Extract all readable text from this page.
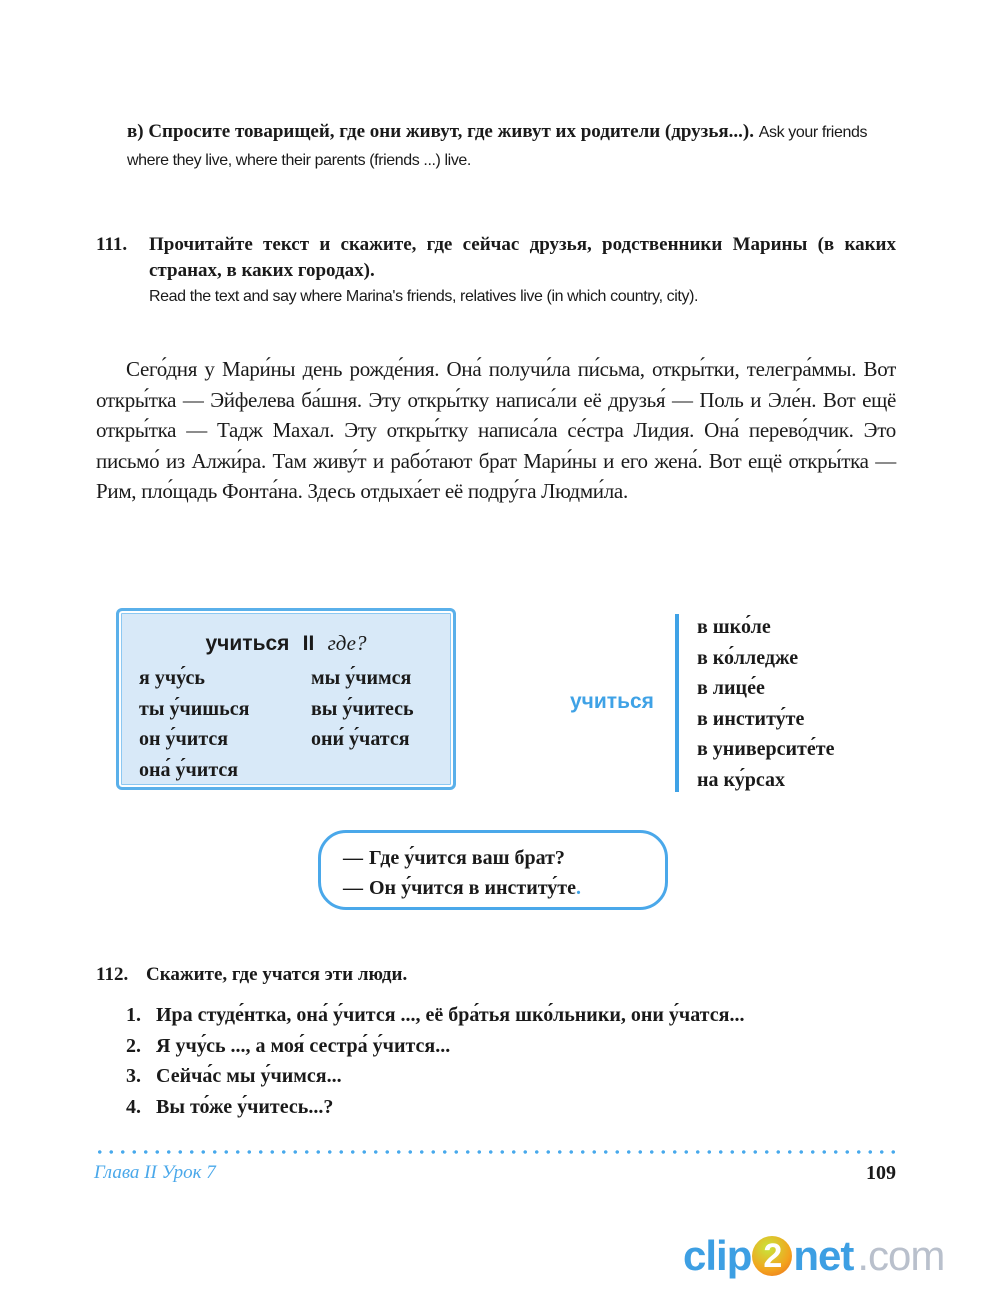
в) Спросите товарищей, где они живут, где живут их родители (друзья...). Ask your friends where they live, where their parents (friends ...) live.
111.	Прочитайте текст и скажите, где сейчас друзья, родственники Марины (в каких странах, в каких городах).
Read the text and say where Marina's friends, relatives live (in which country, city).

Сего́дня у Мари́ны день рожде́ния. Она́ получи́ла пи́сьма, откры́тки, телегра́ммы. Вот откры́тка — Эйфелева ба́шня. Эту откры́тку написа́ли её друзья́ — Поль и Эле́н. Вот ещё откры́тка — Тадж Махал. Эту откры́тку написа́ла се́стра Лидия. Она́ перево́дчик. Это письмо́ из Алжи́ра. Там живу́т и рабо́тают брат Мари́ны и его жена́. Вот ещё откры́тка — Рим, пло́щадь Фонта́на. Здесь отдыха́ет её подру́га Людми́ла.

учиться II где?
я учу́сь	мы у́чимся
ты у́чишься	вы у́читесь
он у́чится	они́ у́чатся
она́ у́чится
учиться
в шко́ле
в ко́лледже
в лице́е
в институ́те
в университе́те
на ку́рсах
— Где у́чится ваш брат?
— Он у́чится в институ́те.
112. Скажите, где учатся эти люди.
1. Ира студе́нтка, она́ у́чится ..., её бра́тья шко́льники, они у́чатся...
2. Я учу́сь ..., а моя́ сестра́ у́чится...
3. Сейча́с мы у́чимся...
4. Вы то́же у́читесь...?
Глава II Урок 7	109
clip 2 net .com
